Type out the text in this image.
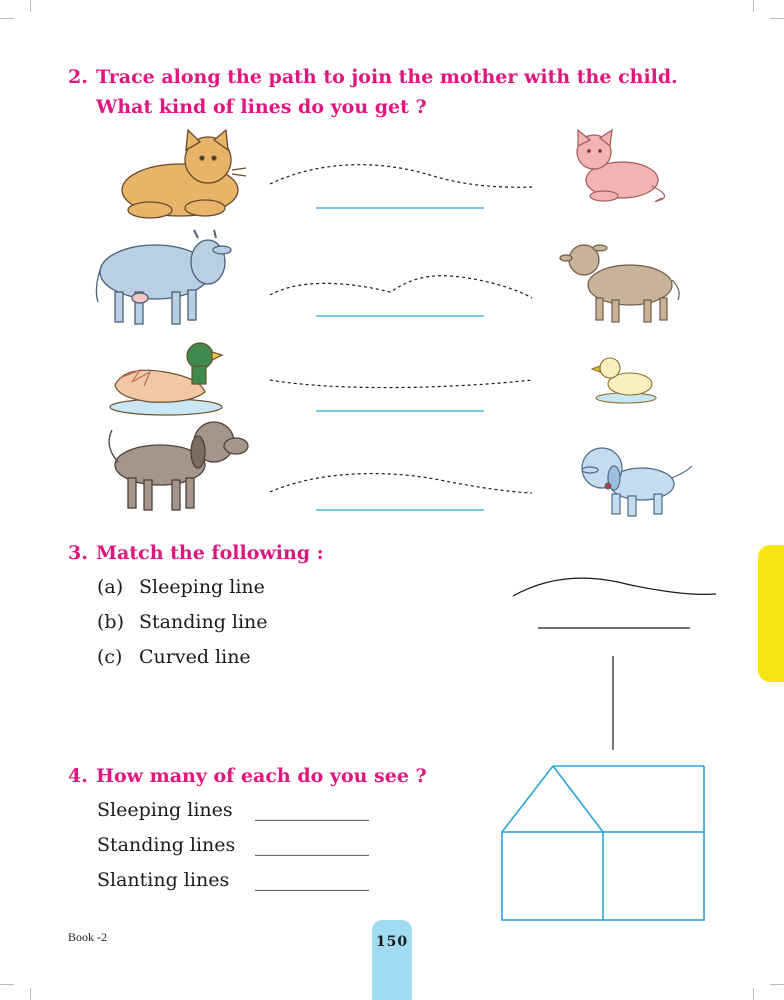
2. Trace along the path to join the mother with the child. What kind of lines do you get ?
3. Match the following :
(a) Sleeping line
(b) Standing line
(c) Curved line
4. How many of each do you see ?
Sleeping lines ____________
Standing lines ____________
Slanting lines ____________
Book -2	150
